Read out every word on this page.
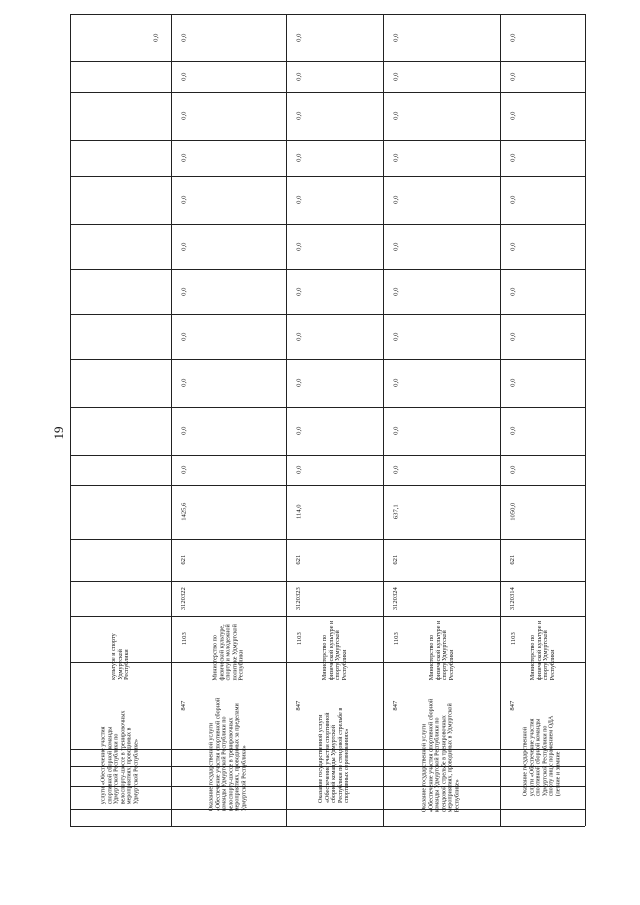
19
0,0
1425,6
0,0
0,0
0,0
0,0
0,0
0,0
0,0
0,0
0,0
0,0
0,0
621
3120322
1103
847
114,0
0,0
0,0
0,0
0,0
0,0
0,0
0,0
0,0
0,0
0,0
0,0
621
3120323
1103
847
637,1
0,0
0,0
0,0
0,0
0,0
0,0
0,0
0,0
0,0
0,0
0,0
621
3120324
1103
847
1050,0
0,0
0,0
0,0
0,0
0,0
0,0
0,0
0,0
0,0
0,0
0,0
621
3120314
1103
847
культуре и спорту Удмуртской Республики
услуги «Обеспечение участия спортивной сборной команды Удмуртской Республики по велоспорту-шоссе в тренировочных мероприятиях, проводимых в Удмуртской Республике»
Министерство по физической культуре, спорту и молодежной политике Удмуртской Республики
Оказание государственной услуги «Обеспечение участия спортивной сборной команды Удмуртской Республики по велоспорту-шоссе в тренировочных мероприятиях, проводимых за пределами Удмуртской Республики»
Министерство по физической культуре и спорту Удмуртской Республики
Оказание государственной услуги «Обеспечение участия спортивной сборной команды Удмуртской Республики по стендовой стрельбе в спортивных соревнованиях»
Министерство по физической культуре и спорту Удмуртской Республики
Оказание государственной услуги «Обеспечение участия спортивной сборной команды Удмуртской Республики по стендовой стрельбе в тренировочных мероприятиях, проводимых в Удмуртской Республике»
Министерство по физической культуре и спорту Удмуртской Республики
Оказание государственной услуги «Обеспечение участия спортивной сборной команды Удмуртской Республики по спорту лиц с поражением ОДА (летние и зимние
